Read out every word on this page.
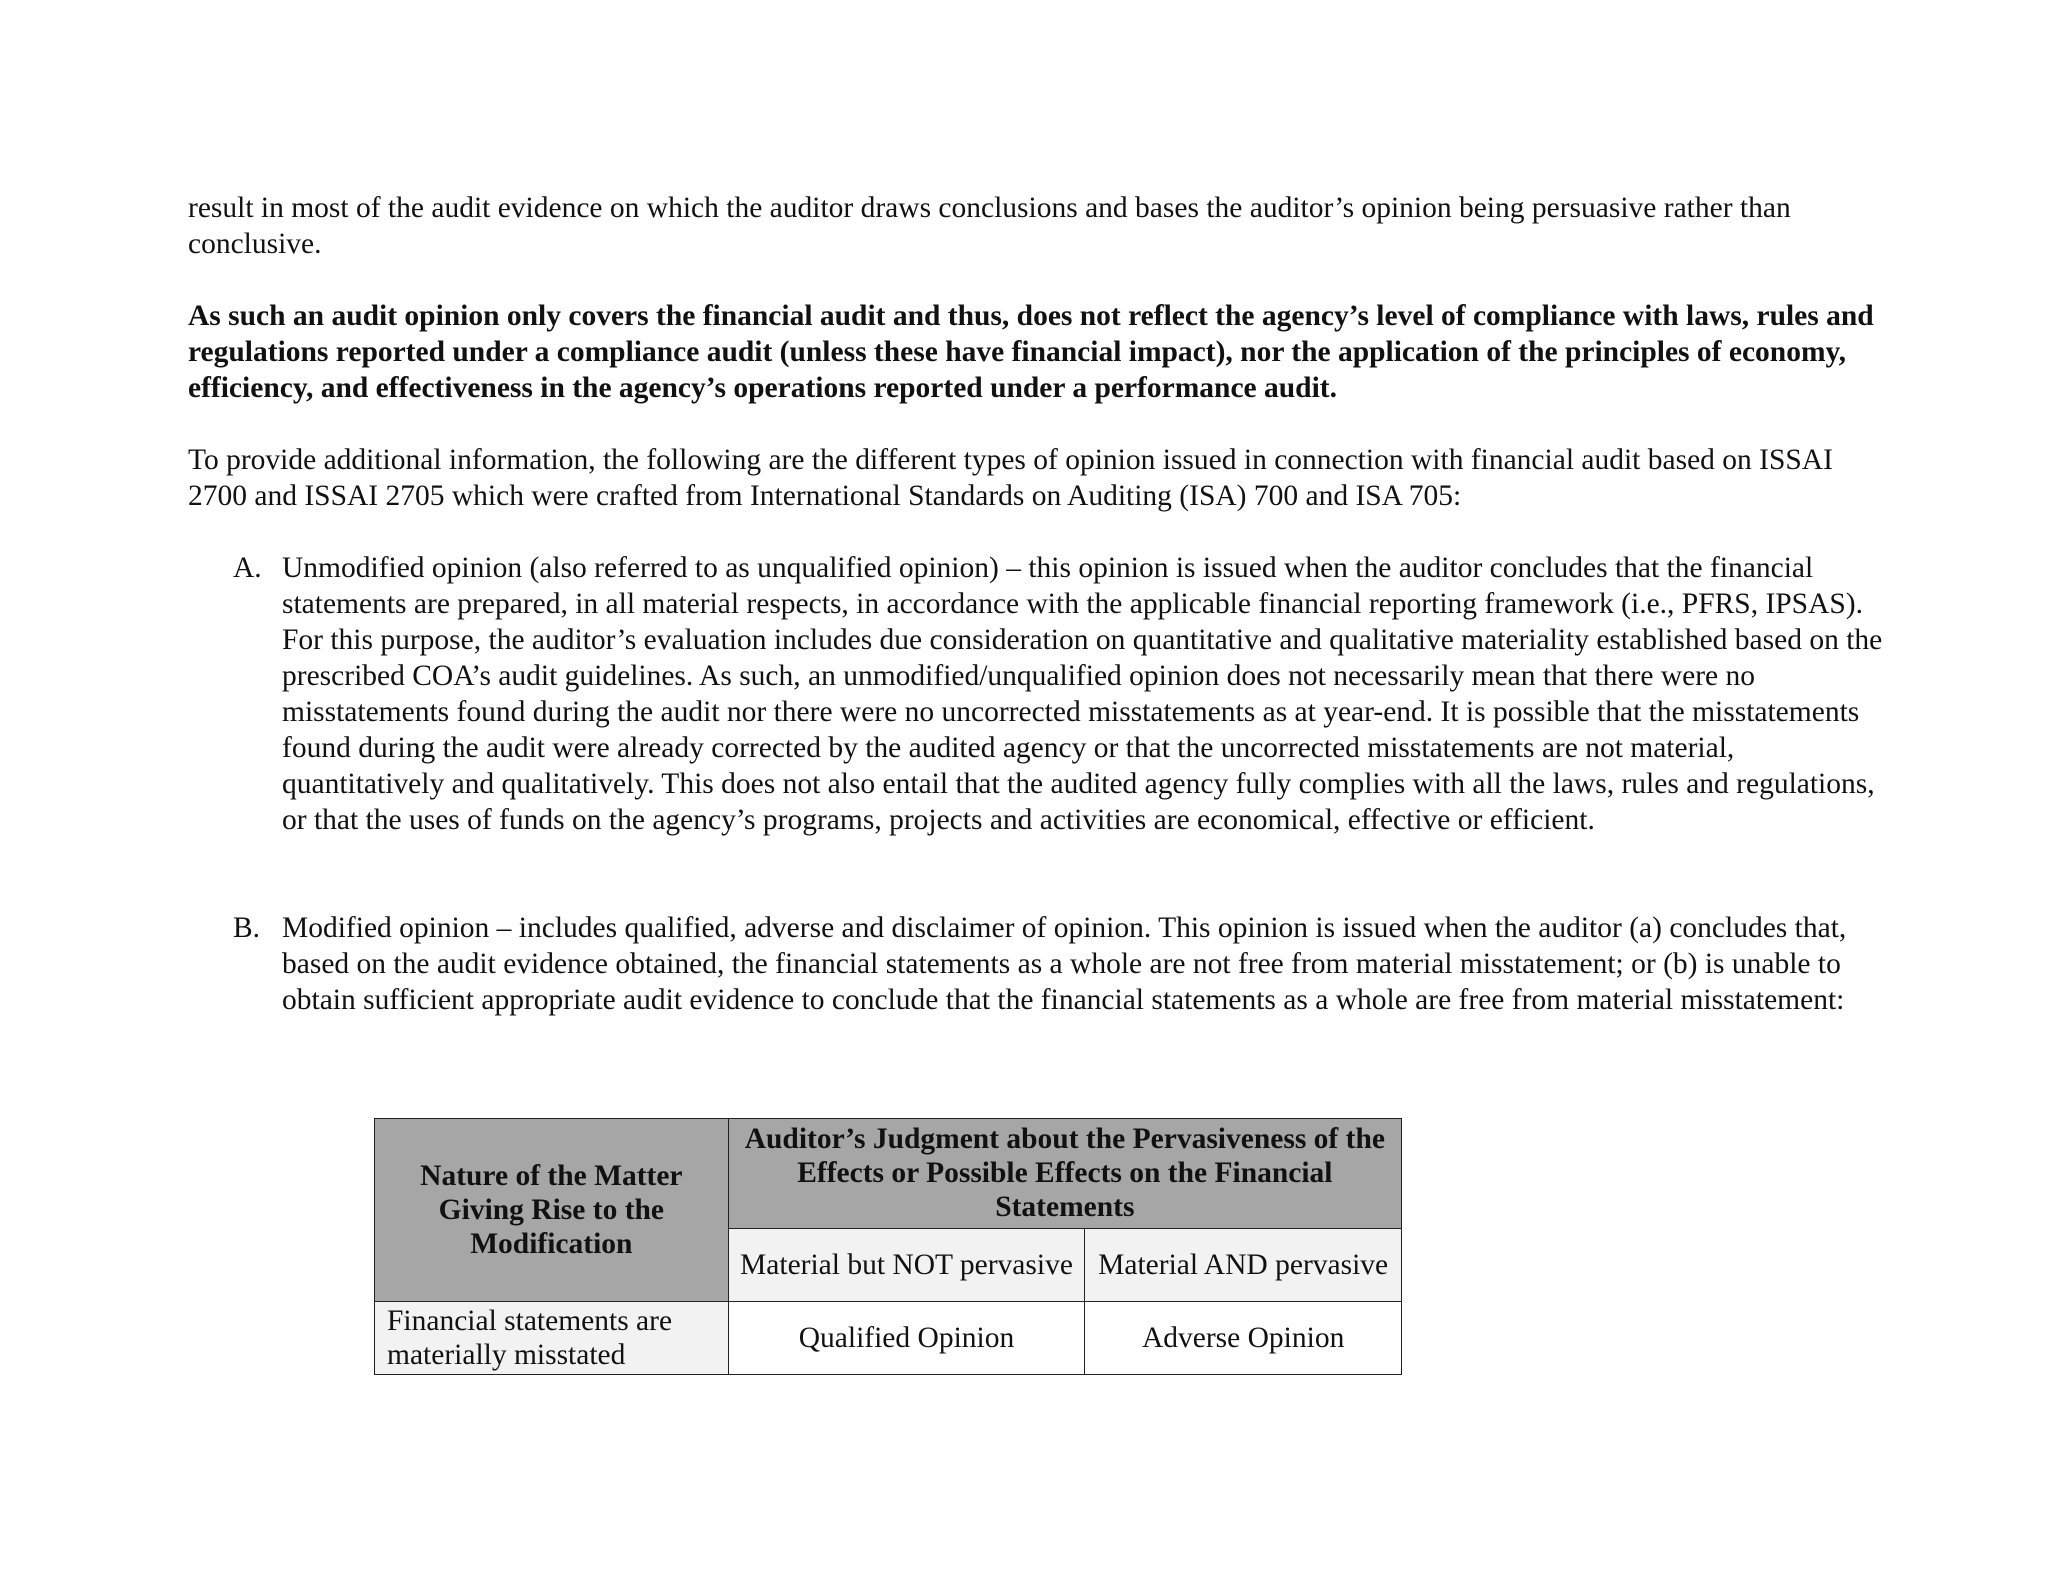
result in most of the audit evidence on which the auditor draws conclusions and bases the auditor’s opinion being persuasive rather than conclusive.

As such an audit opinion only covers the financial audit and thus, does not reflect the agency’s level of compliance with laws, rules and regulations reported under a compliance audit (unless these have financial impact), nor the application of the principles of economy, efficiency, and effectiveness in the agency’s operations reported under a performance audit.

To provide additional information, the following are the different types of opinion issued in connection with financial audit based on ISSAI 2700 and ISSAI 2705 which were crafted from International Standards on Auditing (ISA) 700 and ISA 705:

A. Unmodified opinion (also referred to as unqualified opinion) – this opinion is issued when the auditor concludes that the financial statements are prepared, in all material respects, in accordance with the applicable financial reporting framework (i.e., PFRS, IPSAS). For this purpose, the auditor’s evaluation includes due consideration on quantitative and qualitative materiality established based on the prescribed COA’s audit guidelines. As such, an unmodified/unqualified opinion does not necessarily mean that there were no misstatements found during the audit nor there were no uncorrected misstatements as at year-end. It is possible that the misstatements found during the audit were already corrected by the audited agency or that the uncorrected misstatements are not material, quantitatively and qualitatively. This does not also entail that the audited agency fully complies with all the laws, rules and regulations, or that the uses of funds on the agency’s programs, projects and activities are economical, effective or efficient.
B. Modified opinion – includes qualified, adverse and disclaimer of opinion. This opinion is issued when the auditor (a) concludes that, based on the audit evidence obtained, the financial statements as a whole are not free from material misstatement; or (b) is unable to obtain sufficient appropriate audit evidence to conclude that the financial statements as a whole are free from material misstatement:
Nature of the Matter Giving Rise to the Modification	Auditor’s Judgment about the Pervasiveness of the Effects or Possible Effects on the Financial Statements	
	Material but NOT pervasive	Material AND pervasive
Financial statements are materially misstated	Qualified Opinion	Adverse Opinion
